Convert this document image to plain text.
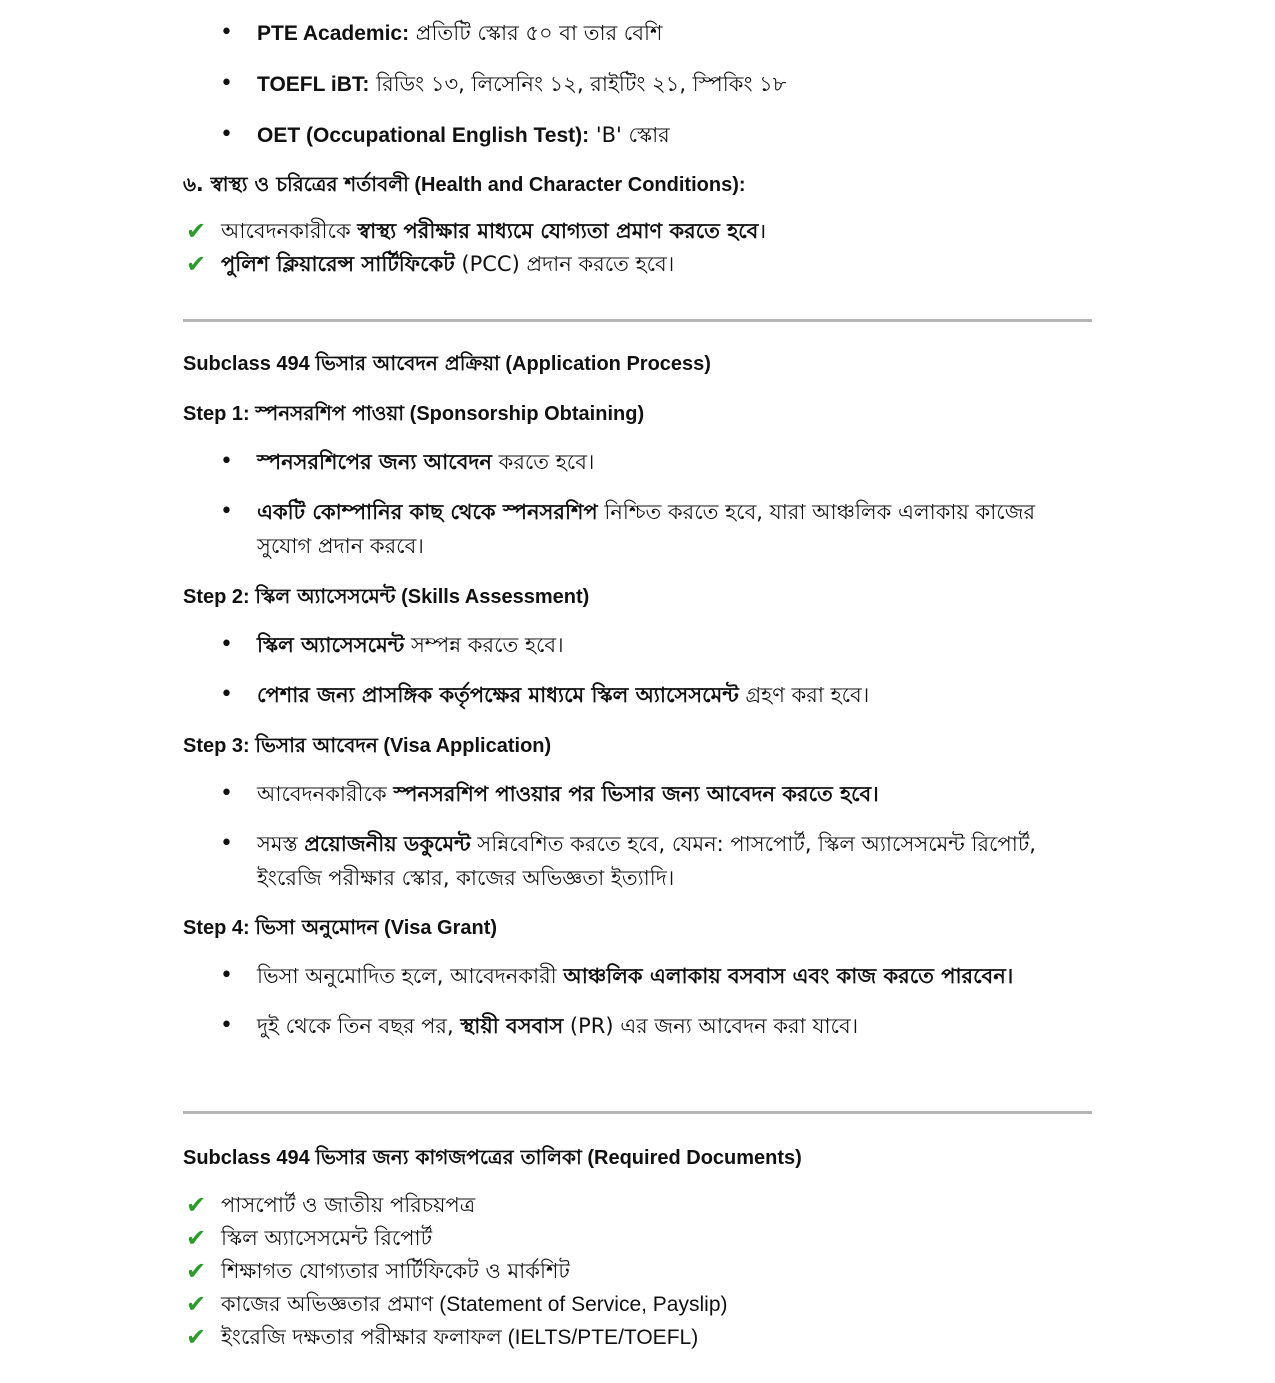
• PTE Academic: প্রতিটি স্কোর ৫০ বা তার বেশি
• TOEFL iBT: রিডিং ১৩, লিসেনিং ১২, রাইটিং ২১, স্পিকিং ১৮
• OET (Occupational English Test): 'B' স্কোর
৬. স্বাস্থ্য ও চরিত্রের শর্তাবলী (Health and Character Conditions):
✔ আবেদনকারীকে স্বাস্থ্য পরীক্ষার মাধ্যমে যোগ্যতা প্রমাণ করতে হবে।
✔ পুলিশ ক্লিয়ারেন্স সার্টিফিকেট (PCC) প্রদান করতে হবে।
Subclass 494 ভিসার আবেদন প্রক্রিয়া (Application Process)
Step 1: স্পনসরশিপ পাওয়া (Sponsorship Obtaining)
• স্পনসরশিপের জন্য আবেদন করতে হবে।
• একটি কোম্পানির কাছ থেকে স্পনসরশিপ নিশ্চিত করতে হবে, যারা আঞ্চলিক এলাকায় কাজের সুযোগ প্রদান করবে।
Step 2: স্কিল অ্যাসেসমেন্ট (Skills Assessment)
• স্কিল অ্যাসেসমেন্ট সম্পন্ন করতে হবে।
• পেশার জন্য প্রাসঙ্গিক কর্তৃপক্ষের মাধ্যমে স্কিল অ্যাসেসমেন্ট গ্রহণ করা হবে।
Step 3: ভিসার আবেদন (Visa Application)
• আবেদনকারীকে স্পনসরশিপ পাওয়ার পর ভিসার জন্য আবেদন করতে হবে।
• সমস্ত প্রয়োজনীয় ডকুমেন্ট সন্নিবেশিত করতে হবে, যেমন: পাসপোর্ট, স্কিল অ্যাসেসমেন্ট রিপোর্ট, ইংরেজি পরীক্ষার স্কোর, কাজের অভিজ্ঞতা ইত্যাদি।
Step 4: ভিসা অনুমোদন (Visa Grant)
• ভিসা অনুমোদিত হলে, আবেদনকারী আঞ্চলিক এলাকায় বসবাস এবং কাজ করতে পারবেন।
• দুই থেকে তিন বছর পর, স্থায়ী বসবাস (PR) এর জন্য আবেদন করা যাবে।
Subclass 494 ভিসার জন্য কাগজপত্রের তালিকা (Required Documents)
✔ পাসপোর্ট ও জাতীয় পরিচয়পত্র
✔ স্কিল অ্যাসেসমেন্ট রিপোর্ট
✔ শিক্ষাগত যোগ্যতার সার্টিফিকেট ও মার্কশিট
✔ কাজের অভিজ্ঞতার প্রমাণ (Statement of Service, Payslip)
✔ ইংরেজি দক্ষতার পরীক্ষার ফলাফল (IELTS/PTE/TOEFL)
